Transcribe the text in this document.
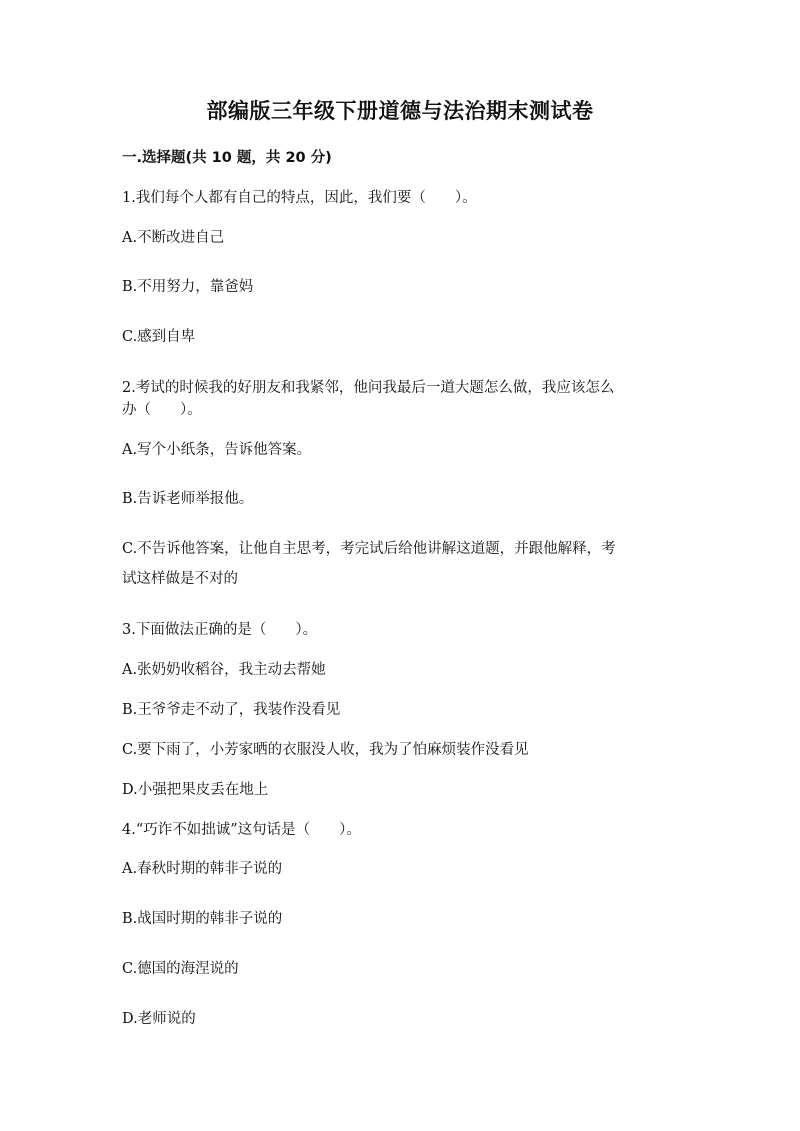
部编版三年级下册道德与法治期末测试卷
一.选择题(共 10 题，共 20 分)
1.我们每个人都有自己的特点，因此，我们要（　　）。
A.不断改进自己
B.不用努力，靠爸妈
C.感到自卑
2.考试的时候我的好朋友和我紧邻，他问我最后一道大题怎么做，我应该怎么
办（　　）。
A.写个小纸条，告诉他答案。
B.告诉老师举报他。
C.不告诉他答案，让他自主思考，考完试后给他讲解这道题，并跟他解释，考
试这样做是不对的
3.下面做法正确的是（　　）。
A.张奶奶收稻谷，我主动去帮她
B.王爷爷走不动了，我装作没看见
C.要下雨了，小芳家晒的衣服没人收，我为了怕麻烦装作没看见
D.小强把果皮丢在地上
4.“巧诈不如拙诚”这句话是（　　）。
A.春秋时期的韩非子说的
B.战国时期的韩非子说的
C.德国的海涅说的
D.老师说的
